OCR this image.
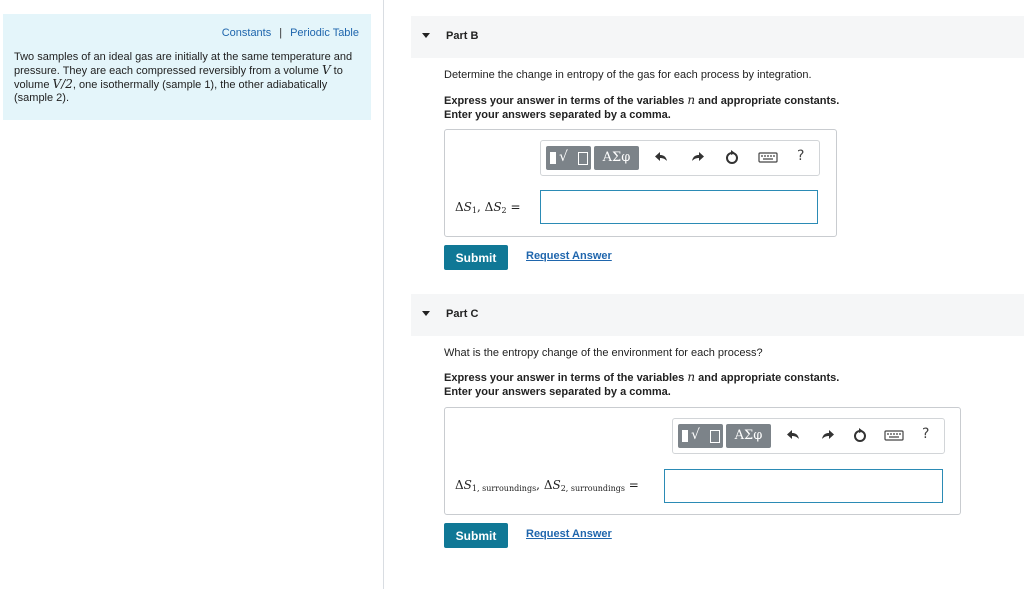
Constants | Periodic Table
Two samples of an ideal gas are initially at the same temperature and pressure. They are each compressed reversibly from a volume V to volume V/2, one isothermally (sample 1), the other adiabatically (sample 2).
Part B
Determine the change in entropy of the gas for each process by integration.
Express your answer in terms of the variables n and appropriate constants.
Enter your answers separated by a comma.
√	ΑΣφ	?
$\Delta S_1$, $\Delta S_2$ =
Submit	Request Answer
Part C
What is the entropy change of the environment for each process?
Express your answer in terms of the variables n and appropriate constants.
Enter your answers separated by a comma.
√	ΑΣφ	?
$\Delta S_{1, surroundings}$, $\Delta S_{2, surroundings}$ =
Submit	Request Answer
